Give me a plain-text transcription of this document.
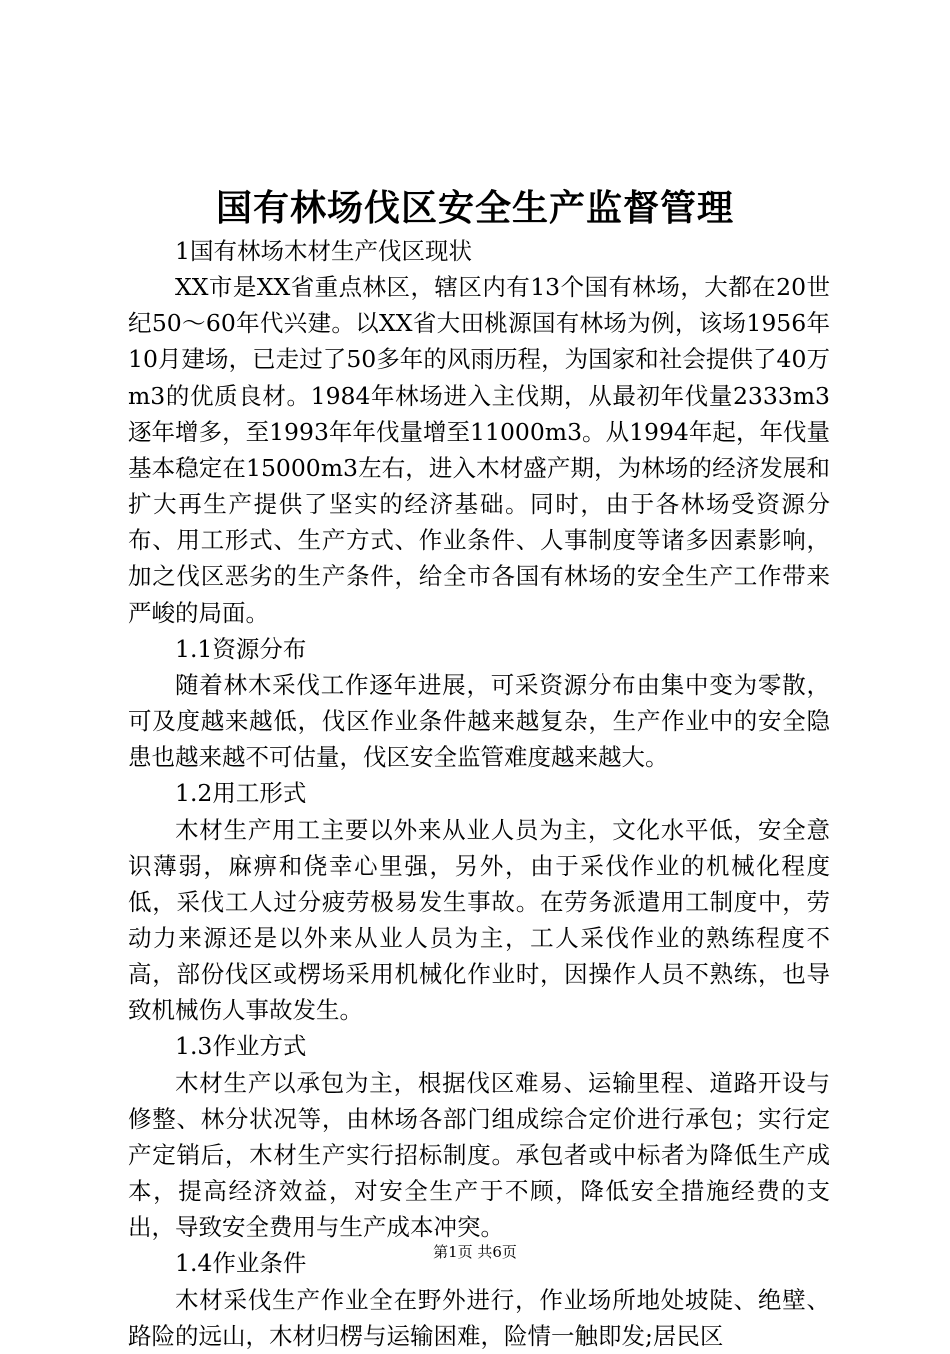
国有林场伐区安全生产监督管理

1国有林场木材生产伐区现状

XX市是XX省重点林区，辖区内有13个国有林场，大都在20世纪50～60年代兴建。以XX省大田桃源国有林场为例，该场1956年10月建场，已走过了50多年的风雨历程，为国家和社会提供了40万m3的优质良材。1984年林场进入主伐期，从最初年伐量2333m3逐年增多，至1993年年伐量增至11000m3。从1994年起，年伐量基本稳定在15000m3左右，进入木材盛产期，为林场的经济发展和扩大再生产提供了坚实的经济基础。同时，由于各林场受资源分布、用工形式、生产方式、作业条件、人事制度等诸多因素影响，加之伐区恶劣的生产条件，给全市各国有林场的安全生产工作带来严峻的局面。

1.1资源分布

随着林木采伐工作逐年进展，可采资源分布由集中变为零散，可及度越来越低，伐区作业条件越来越复杂，生产作业中的安全隐患也越来越不可估量，伐区安全监管难度越来越大。

1.2用工形式

木材生产用工主要以外来从业人员为主，文化水平低，安全意识薄弱，麻痹和侥幸心里强，另外，由于采伐作业的机械化程度低，采伐工人过分疲劳极易发生事故。在劳务派遣用工制度中，劳动力来源还是以外来从业人员为主，工人采伐作业的熟练程度不高，部份伐区或楞场采用机械化作业时，因操作人员不熟练，也导致机械伤人事故发生。

1.3作业方式

木材生产以承包为主，根据伐区难易、运输里程、道路开设与修整、林分状况等，由林场各部门组成综合定价进行承包；实行定产定销后，木材生产实行招标制度。承包者或中标者为降低生产成本，提高经济效益，对安全生产于不顾，降低安全措施经费的支出，导致安全费用与生产成本冲突。

1.4作业条件

木材采伐生产作业全在野外进行，作业场所地处坡陡、绝壁、路险的远山，木材归楞与运输困难，险情一触即发;居民区

第1页 共6页
